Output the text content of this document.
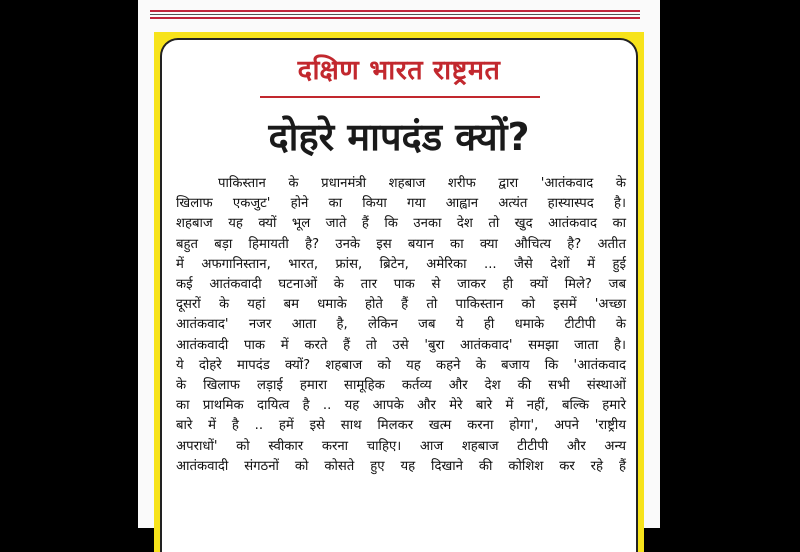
दक्षिण भारत राष्ट्रमत
दोहरे मापदंड क्यों?
पाकिस्तान के प्रधानमंत्री शहबाज शरीफ द्वारा 'आतंकवाद के
खिलाफ एकजुट' होने का किया गया आह्वान अत्यंत हास्यास्पद है।
शहबाज यह क्यों भूल जाते हैं कि उनका देश तो खुद आतंकवाद का
बहुत बड़ा हिमायती है? उनके इस बयान का क्या औचित्य है? अतीत
में अफगानिस्तान, भारत, फ्रांस, ब्रिटेन, अमेरिका ... जैसे देशों में हुई
कई आतंकवादी घटनाओं के तार पाक से जाकर ही क्यों मिले? जब
दूसरों के यहां बम धमाके होते हैं तो पाकिस्तान को इसमें 'अच्छा
आतंकवाद' नजर आता है, लेकिन जब ये ही धमाके टीटीपी के
आतंकवादी पाक में करते हैं तो उसे 'बुरा आतंकवाद' समझा जाता है।
ये दोहरे मापदंड क्यों? शहबाज को यह कहने के बजाय कि 'आतंकवाद
के खिलाफ लड़ाई हमारा सामूहिक कर्तव्य और देश की सभी संस्थाओं
का प्राथमिक दायित्व है .. यह आपके और मेरे बारे में नहीं, बल्कि हमारे
बारे में है .. हमें इसे साथ मिलकर खत्म करना होगा', अपने 'राष्ट्रीय
अपराधों' को स्वीकार करना चाहिए। आज शहबाज टीटीपी और अन्य
आतंकवादी संगठनों को कोसते हुए यह दिखाने की कोशिश कर रहे हैं
